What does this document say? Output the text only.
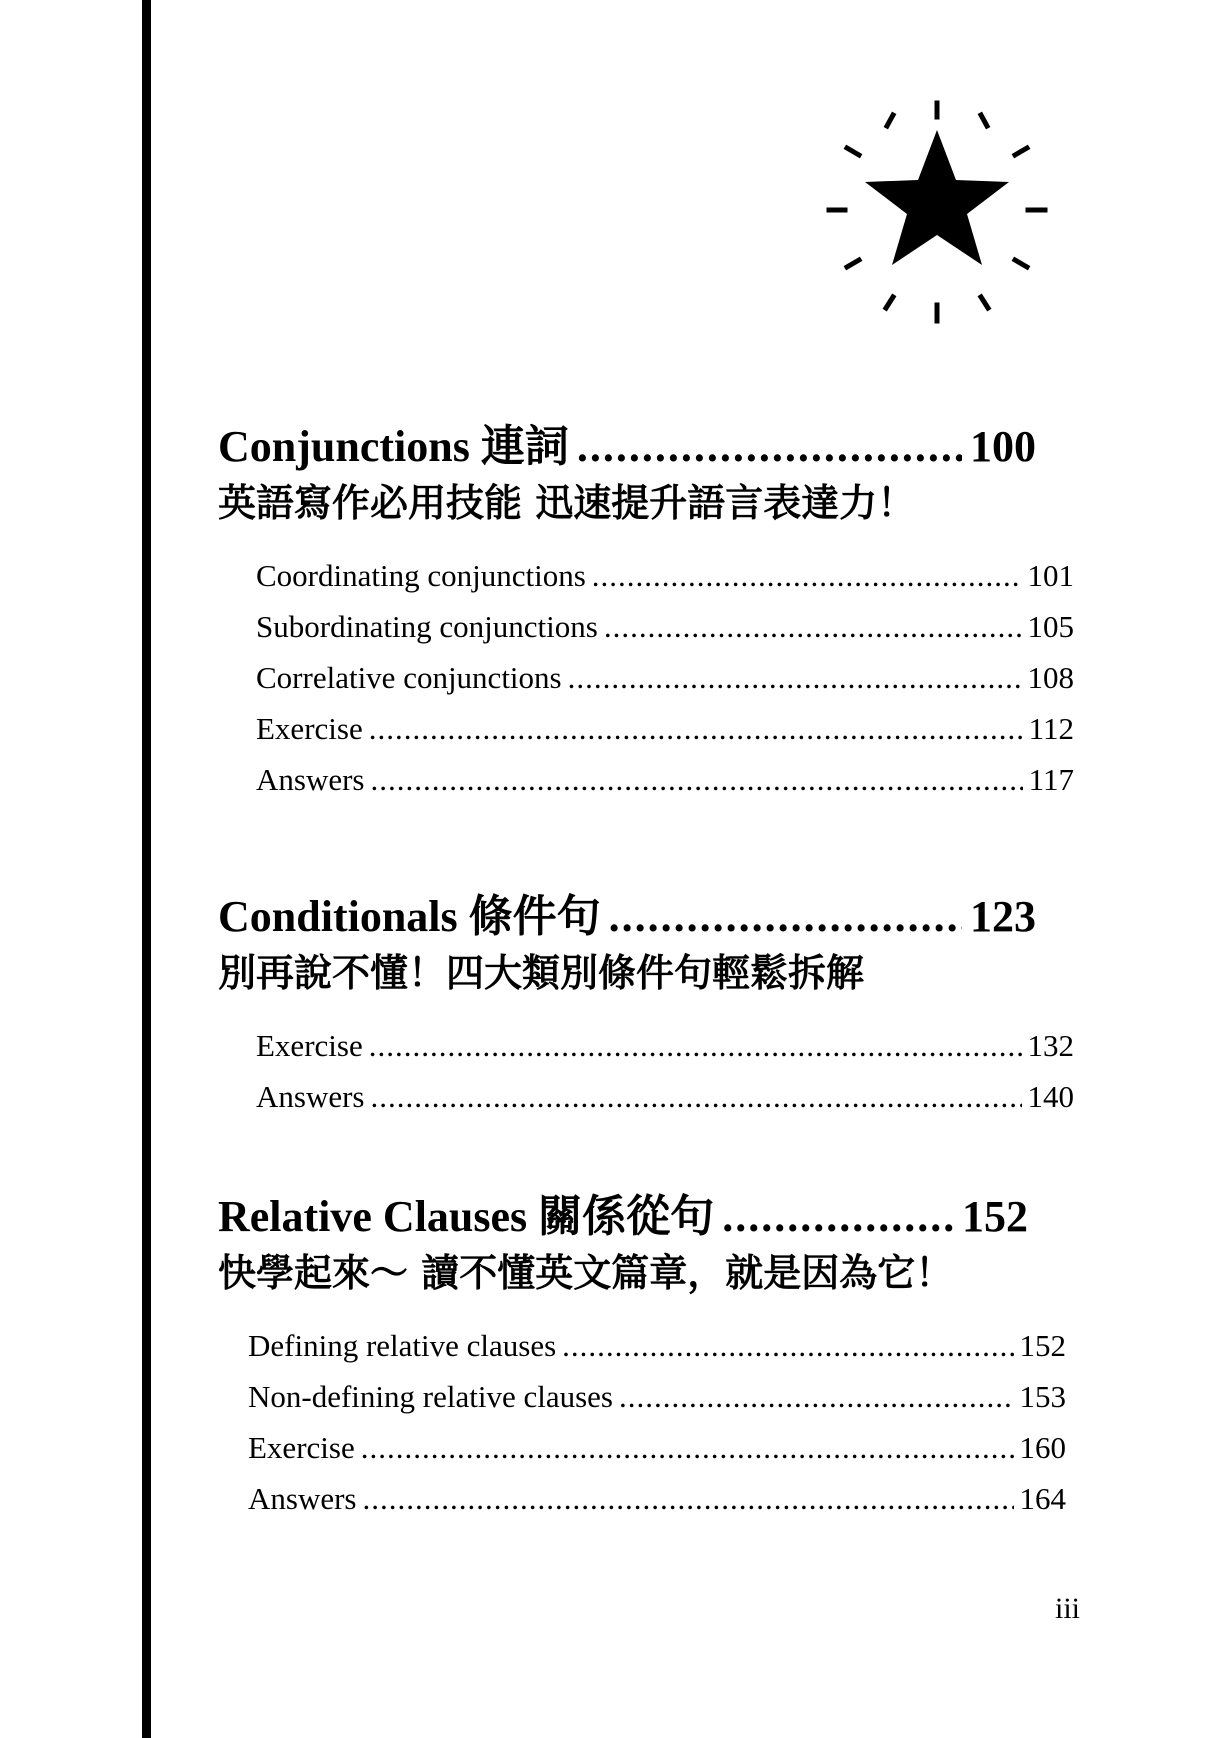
Conjunctions 連詞 .....	100
英語寫作必用技能 迅速提升語言表達力！
Coordinating conjunctions .....	101
Subordinating conjunctions .....	105
Correlative conjunctions .....	108
Exercise .....	112
Answers .....	117
Conditionals 條件句 .....	123
別再說不懂！四大類別條件句輕鬆拆解
Exercise .....	132
Answers .....	140
Relative Clauses 關係從句 .....	152
快學起來～ 讀不懂英文篇章，就是因為它！
Defining relative clauses .....	152
Non-defining relative clauses .....	153
Exercise .....	160
Answers .....	164
iii
